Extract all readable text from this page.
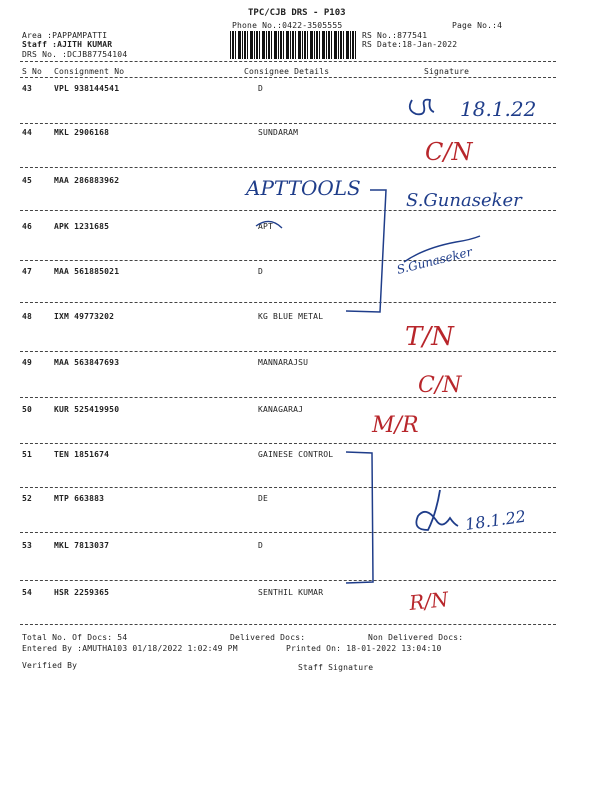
TPC/CJB DRS - P103
Phone No.:0422-3505555	Page No.:4
Area :PAPPAMPATTI
Staff :AJITH KUMAR
DRS No. :DCJB87754104
RS No.:877541
RS Date:18-Jan-2022
S No Consignment No	Consignee Details	Signature
43	VPL 938144541	D
44	MKL 2906168	SUNDARAM
45	MAA 286883962
46	APK 1231685	APT
47	MAA 561885021	D
48	IXM 49773202	KG BLUE METAL
49	MAA 563847693	MANNARAJSU
50	KUR 525419950	KANAGARAJ
51	TEN 1851674	GAINESE CONTROL
52	MTP 663883	DE
53	MKL 7813037	D
54	HSR 2259365	SENTHIL KUMAR
Total No. Of Docs: 54	Delivered Docs:	Non Delivered Docs:
Entered By :AMUTHA103 01/18/2022 1:02:49 PM	Printed On: 18-01-2022 13:04:10
Verified By	Staff Signature
18.1.22
C/N
APTTOOLS
S.Gunaseker
S.Gunaseker
T/N
C/N
M/R
18.1.22
R/N
